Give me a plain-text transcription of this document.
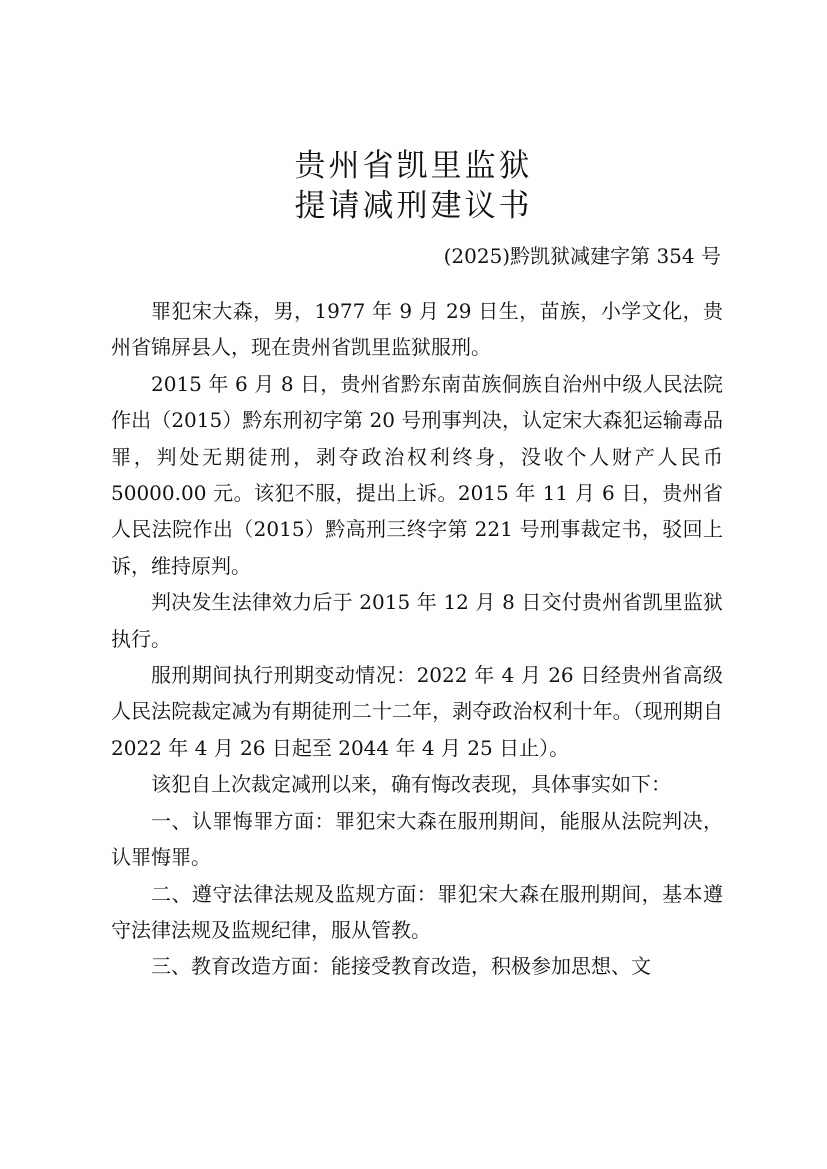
贵州省凯里监狱
提请减刑建议书
(2025)黔凯狱减建字第 354 号

罪犯宋大森，男，1977 年 9 月 29 日生，苗族，小学文化，贵州省锦屏县人，现在贵州省凯里监狱服刑。

2015 年 6 月 8 日，贵州省黔东南苗族侗族自治州中级人民法院作出（2015）黔东刑初字第 20 号刑事判决，认定宋大森犯运输毒品罪，判处无期徒刑，剥夺政治权利终身，没收个人财产人民币 50000.00 元。该犯不服，提出上诉。2015 年 11 月 6 日，贵州省人民法院作出（2015）黔高刑三终字第 221 号刑事裁定书，驳回上诉，维持原判。

判决发生法律效力后于 2015 年 12 月 8 日交付贵州省凯里监狱执行。

服刑期间执行刑期变动情况：2022 年 4 月 26 日经贵州省高级人民法院裁定减为有期徒刑二十二年，剥夺政治权利十年。（现刑期自 2022 年 4 月 26 日起至 2044 年 4 月 25 日止）。

该犯自上次裁定减刑以来，确有悔改表现，具体事实如下：

一、认罪悔罪方面：罪犯宋大森在服刑期间，能服从法院判决，认罪悔罪。

二、遵守法律法规及监规方面：罪犯宋大森在服刑期间，基本遵守法律法规及监规纪律，服从管教。

三、教育改造方面：能接受教育改造，积极参加思想、文
